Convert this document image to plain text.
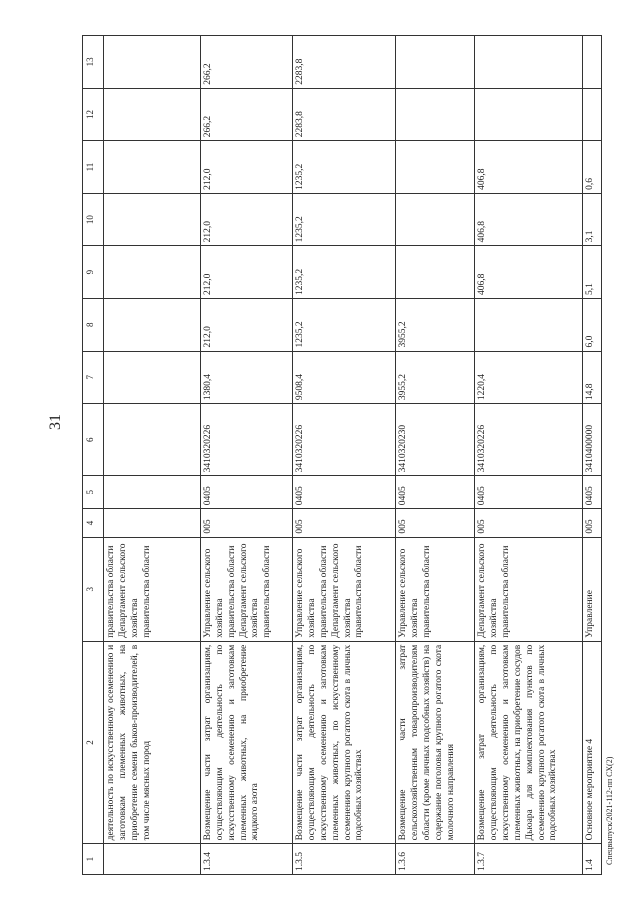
31
Спецвыпуск/2021-112-пп СХ(2)
1	2	3	4	5	6	7	8	9	10	11	12	13
	деятельность по искусственному осеменению и заготовкам племенных животных, на приобретение семени быков-производителей, в том числе мясных пород	правительства области Департамент сельского хозяйства правительства области										
1.3.4	Возмещение части затрат организациям, осуществляющим деятельность по искусственному осеменению и заготовкам племенных животных, на приобретение жидкого азота	Управление сельского хозяйства правительства области Департамент сельского хозяйства правительства области	005	0405	3410320226	1380,4	212,0	212,0	212,0	212,0	266,2	266,2
1.3.5	Возмещение части затрат организациям, осуществляющим деятельность по искусственному осеменению и заготовкам племенных животных, по искусственному осеменению крупного рогатого скота в личных подсобных хозяйствах	Управление сельского хозяйства правительства области Департамент сельского хозяйства правительства области	005	0405	3410320226	9508,4	1235,2	1235,2	1235,2	1235,2	2283,8	2283,8
1.3.6	Возмещение части затрат сельскохозяйственным товаропроизводителям области (кроме личных подсобных хозяйств) на содержание поголовья крупного рогатого скота молочного направления	Управление сельского хозяйства правительства области	005	0405	3410320230	3955,2	3955,2					
1.3.7	Возмещение затрат организациям, осуществляющим деятельность по искусственному осеменению и заготовкам племенных животных, на приобретение сосудов Дьюара для комплектования пунктов по осеменению крупного рогатого скота в личных подсобных хозяйствах	Департамент сельского хозяйства правительства области	005	0405	3410320226	1220,4		406,8	406,8	406,8		
1.4	Основное мероприятие 4	Управление	005	0405	3410400000	14,8	6,0	5,1	3,1	0,6		
